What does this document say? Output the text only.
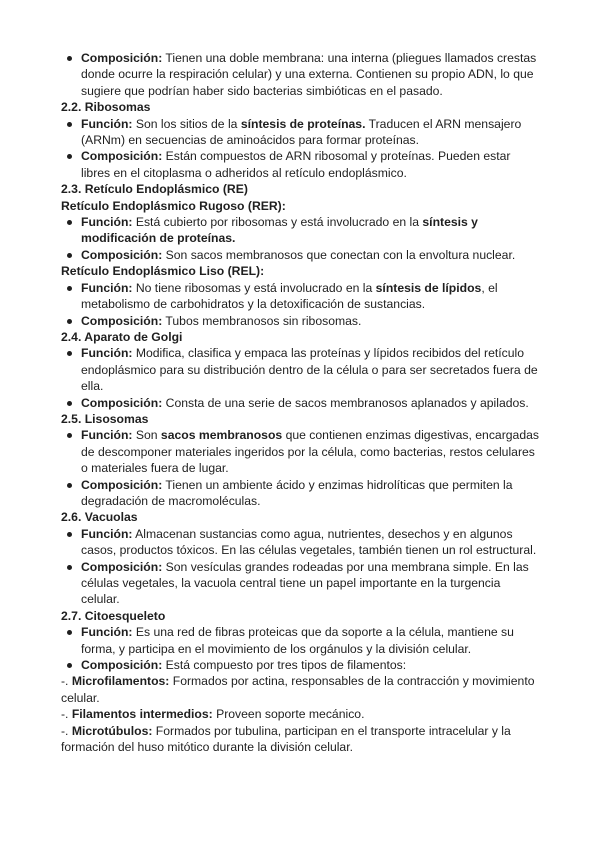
Composición: Tienen una doble membrana: una interna (pliegues llamados crestas donde ocurre la respiración celular) y una externa. Contienen su propio ADN, lo que sugiere que podrían haber sido bacterias simbióticas en el pasado.

2.2. Ribosomas

Función: Son los sitios de la síntesis de proteínas. Traducen el ARN mensajero (ARNm) en secuencias de aminoácidos para formar proteínas.
Composición: Están compuestos de ARN ribosomal y proteínas. Pueden estar libres en el citoplasma o adheridos al retículo endoplásmico.

2.3. Retículo Endoplásmico (RE)

Retículo Endoplásmico Rugoso (RER):

Función: Está cubierto por ribosomas y está involucrado en la síntesis y modificación de proteínas.
Composición: Son sacos membranosos que conectan con la envoltura nuclear.

Retículo Endoplásmico Liso (REL):

Función: No tiene ribosomas y está involucrado en la síntesis de lípidos, el metabolismo de carbohidratos y la detoxificación de sustancias.
Composición: Tubos membranosos sin ribosomas.

2.4. Aparato de Golgi

Función: Modifica, clasifica y empaca las proteínas y lípidos recibidos del retículo endoplásmico para su distribución dentro de la célula o para ser secretados fuera de ella.
Composición: Consta de una serie de sacos membranosos aplanados y apilados.

2.5. Lisosomas

Función: Son sacos membranosos que contienen enzimas digestivas, encargadas de descomponer materiales ingeridos por la célula, como bacterias, restos celulares o materiales fuera de lugar.
Composición: Tienen un ambiente ácido y enzimas hidrolíticas que permiten la degradación de macromoléculas.

2.6. Vacuolas

Función: Almacenan sustancias como agua, nutrientes, desechos y en algunos casos, productos tóxicos. En las células vegetales, también tienen un rol estructural.
Composición: Son vesículas grandes rodeadas por una membrana simple. En las células vegetales, la vacuola central tiene un papel importante en la turgencia celular.

2.7. Citoesqueleto

Función: Es una red de fibras proteicas que da soporte a la célula, mantiene su forma, y participa en el movimiento de los orgánulos y la división celular.
Composición: Está compuesto por tres tipos de filamentos:

-. Microfilamentos: Formados por actina, responsables de la contracción y movimiento celular.

-. Filamentos intermedios: Proveen soporte mecánico.

-. Microtúbulos: Formados por tubulina, participan en el transporte intracelular y la formación del huso mitótico durante la división celular.
